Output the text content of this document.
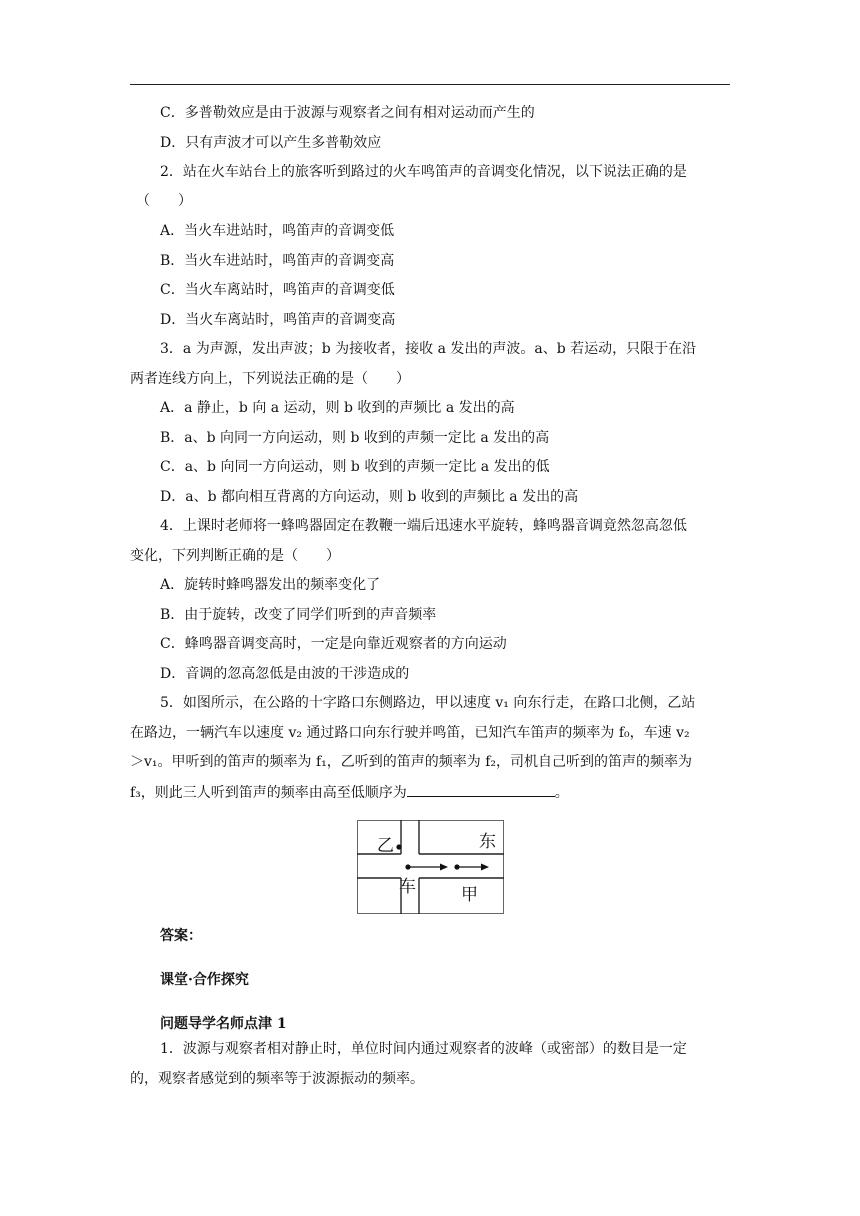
C．多普勒效应是由于波源与观察者之间有相对运动而产生的
D．只有声波才可以产生多普勒效应
2．站在火车站台上的旅客听到路过的火车鸣笛声的音调变化情况，以下说法正确的是
（　　）
A．当火车进站时，鸣笛声的音调变低
B．当火车进站时，鸣笛声的音调变高
C．当火车离站时，鸣笛声的音调变低
D．当火车离站时，鸣笛声的音调变高
3．a 为声源，发出声波；b 为接收者，接收 a 发出的声波。a、b 若运动，只限于在沿
两者连线方向上，下列说法正确的是（　　）
A．a 静止，b 向 a 运动，则 b 收到的声频比 a 发出的高
B．a、b 向同一方向运动，则 b 收到的声频一定比 a 发出的高
C．a、b 向同一方向运动，则 b 收到的声频一定比 a 发出的低
D．a、b 都向相互背离的方向运动，则 b 收到的声频比 a 发出的高
4．上课时老师将一蜂鸣器固定在教鞭一端后迅速水平旋转，蜂鸣器音调竟然忽高忽低
变化，下列判断正确的是（　　）
A．旋转时蜂鸣器发出的频率变化了
B．由于旋转，改变了同学们听到的声音频率
C．蜂鸣器音调变高时，一定是向靠近观察者的方向运动
D．音调的忽高忽低是由波的干涉造成的
5．如图所示，在公路的十字路口东侧路边，甲以速度 v₁ 向东行走，在路口北侧，乙站
在路边，一辆汽车以速度 v₂ 通过路口向东行驶并鸣笛，已知汽车笛声的频率为 f₀，车速 v₂
＞v₁。甲听到的笛声的频率为 f₁，乙听到的笛声的频率为 f₂，司机自己听到的笛声的频率为
f₃，则此三人听到笛声的频率由高至低顺序为	。
乙	东
车	甲
答案：
课堂·合作探究
问题导学名师点津 1
1．波源与观察者相对静止时，单位时间内通过观察者的波峰（或密部）的数目是一定
的，观察者感觉到的频率等于波源振动的频率。
